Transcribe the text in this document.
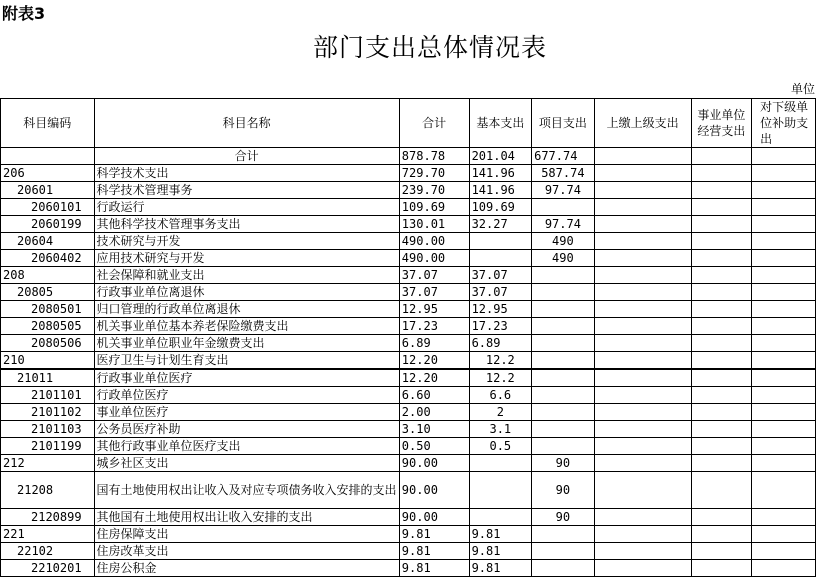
附表3
部门支出总体情况表
单位
科目编码	科目名称	合计	基本支出	项目支出	上缴上级支出	事业单位经营支出	对下级单位补助支出
	合计	878.78	201.04	677.74			
206	科学技术支出	729.70	141.96	587.74			
20601	科学技术管理事务	239.70	141.96	97.74			
2060101	行政运行	109.69	109.69				
2060199	其他科学技术管理事务支出	130.01	32.27	97.74			
20604	技术研究与开发	490.00		490			
2060402	应用技术研究与开发	490.00		490			
208	社会保障和就业支出	37.07	37.07				
20805	行政事业单位离退休	37.07	37.07				
2080501	归口管理的行政单位离退休	12.95	12.95				
2080505	机关事业单位基本养老保险缴费支出	17.23	17.23				
2080506	机关事业单位职业年金缴费支出	6.89	6.89				
210	医疗卫生与计划生育支出	12.20	12.2				
21011	行政事业单位医疗	12.20	12.2				
2101101	行政单位医疗	6.60	6.6				
2101102	事业单位医疗	2.00	2				
2101103	公务员医疗补助	3.10	3.1				
2101199	其他行政事业单位医疗支出	0.50	0.5				
212	城乡社区支出	90.00		90			
21208	国有土地使用权出让收入及对应专项债务收入安排的支出	90.00		90			
2120899	其他国有土地使用权出让收入安排的支出	90.00		90			
221	住房保障支出	9.81	9.81				
22102	住房改革支出	9.81	9.81				
2210201	住房公积金	9.81	9.81				
